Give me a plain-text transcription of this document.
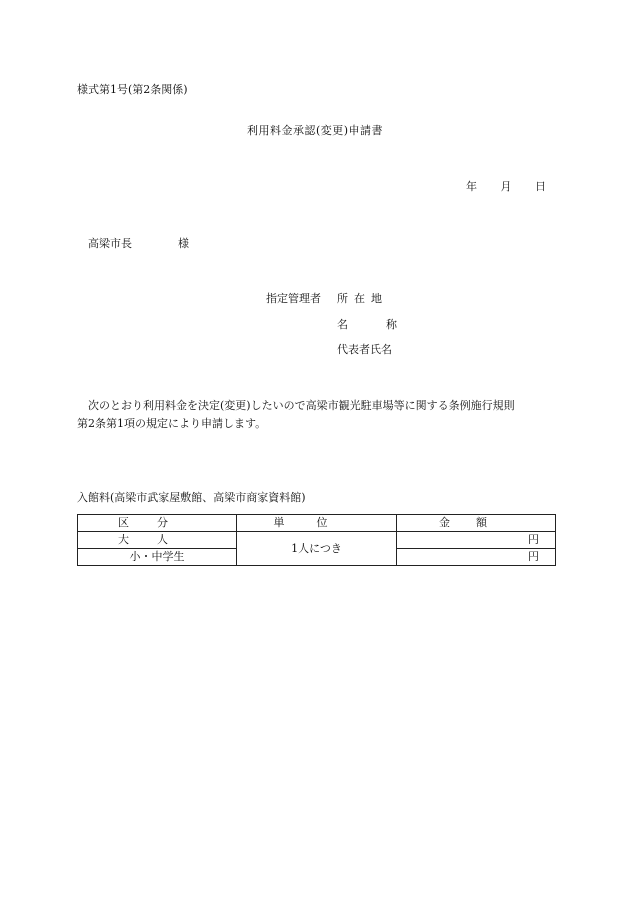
様式第1号(第2条関係)
利用料金承認(変更)申請書
年 月 日
高梁市長	様
指定管理者 所在地
名	称
代表者氏名

次のとおり利用料金を決定(変更)したいので高梁市観光駐車場等に関する条例施行規則

第2条第1項の規定により申請します。

入館料(高梁市武家屋敷館、高梁市商家資料館)
区分	単位	金額
大人	1人につき	円
小・中学生		円
